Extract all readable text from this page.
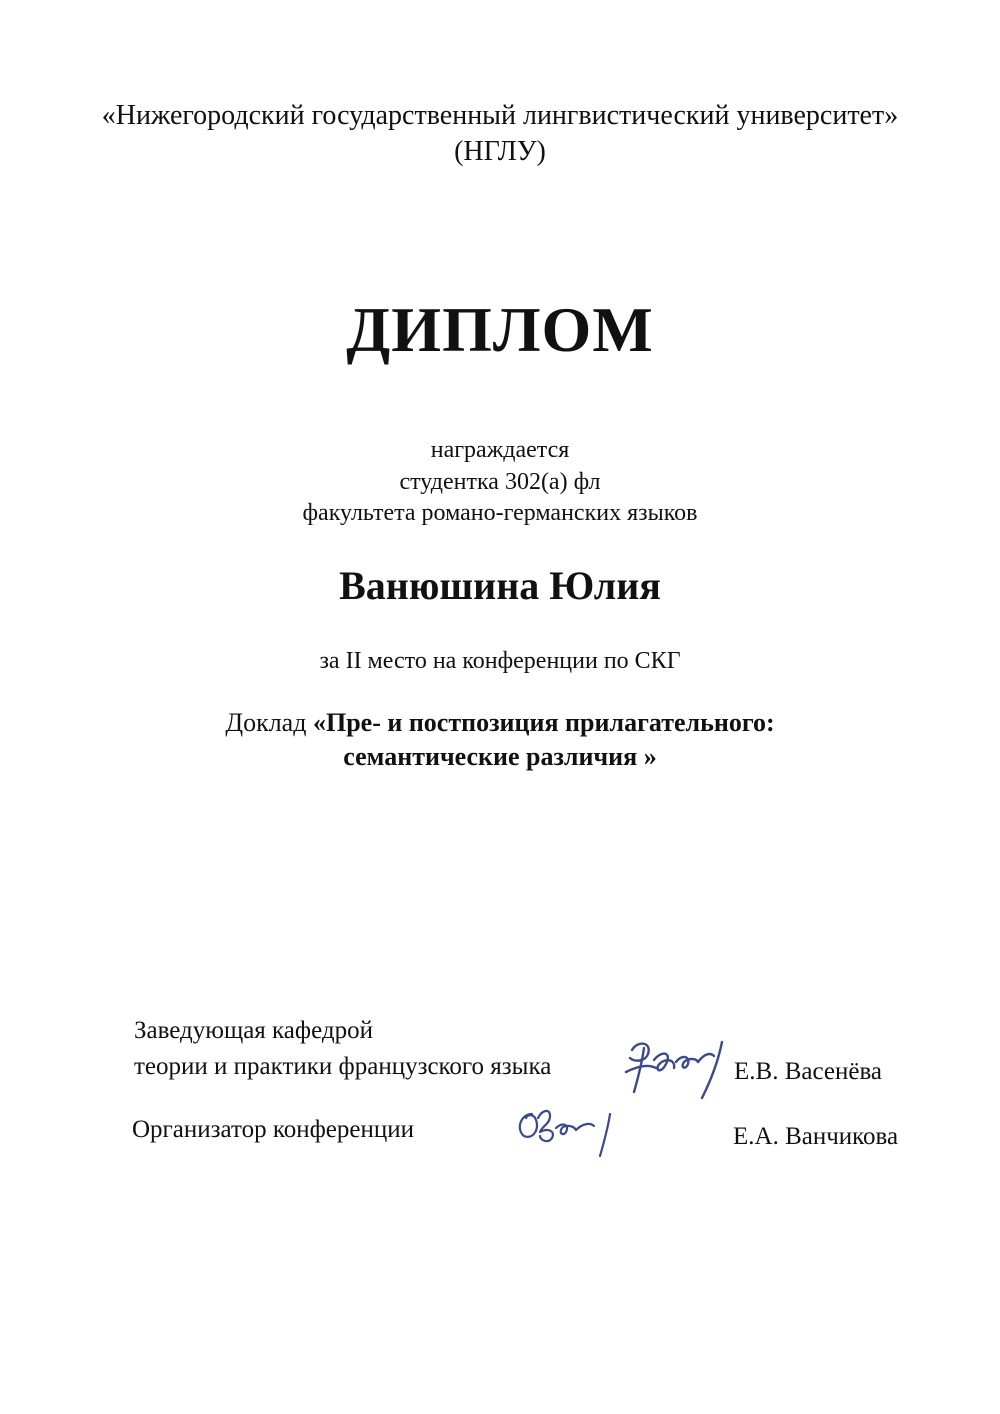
«Нижегородский государственный лингвистический университет»
(НГЛУ)
ДИПЛОМ
награждается
студентка 302(а) фл
факультета романо-германских языков
Ванюшина Юлия
за II место на конференции по СКГ
Доклад «Пре- и постпозиция прилагательного:
семантические различия »
Заведующая кафедрой
теории и практики французского языка	Е.В. Васенёва
Организатор конференции	Е.А. Ванчикова
